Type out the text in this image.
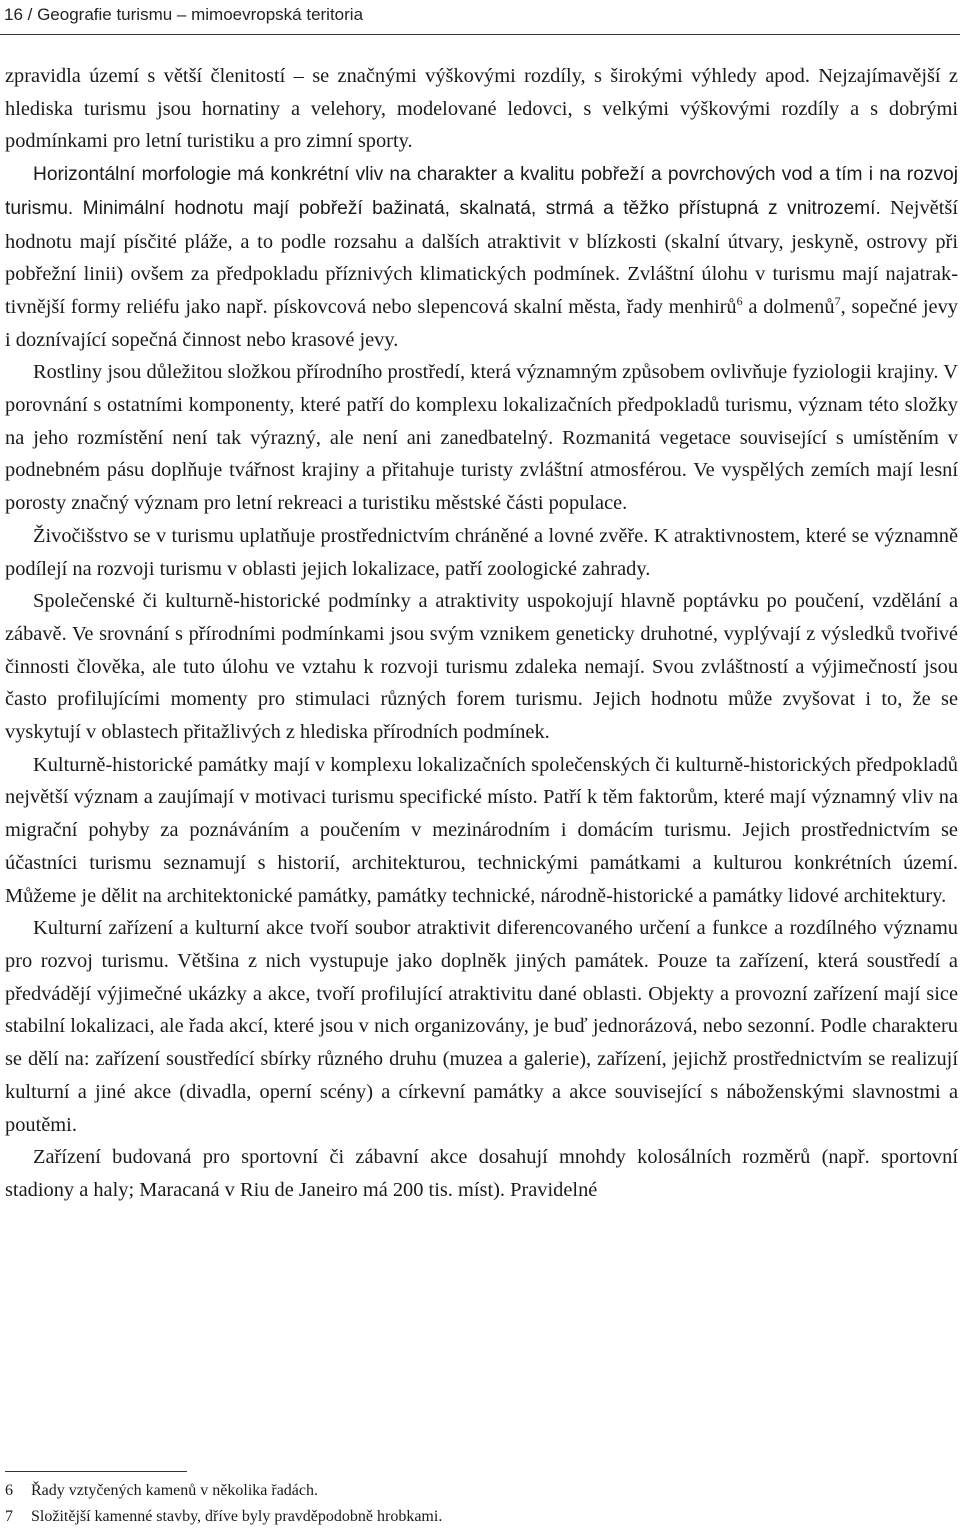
16 / Geografie turismu – mimoevropská teritoria

zpravidla území s větší členitostí – se značnými výškovými rozdíly, s širokými výhledy apod. Nejzajímavější z hlediska turismu jsou hornatiny a velehory, modelované ledovci, s velkými výškovými rozdíly a s dobrými podmínkami pro letní turistiku a pro zimní sporty.

Horizontální morfologie má konkrétní vliv na charakter a kvalitu pobřeží a povrchových vod a tím i na rozvoj turismu. Minimální hodnotu mají pobřeží bažinatá, skalnatá, strmá a těžko přístupná z vnitrozemí. Největší hodnotu mají písčité pláže, a to podle rozsahu a dalších atraktivit v blízkosti (skalní útvary, jeskyně, ostrovy při pobřežní linii) ovšem za předpokladu příznivých klimatických podmínek. Zvláštní úlohu v turismu mají najatraktivnější formy reliéfu jako např. pískovcová nebo slepencová skalní města, řady menhirů$^6$ a dolmenů$^7$, sopečné jevy i doznívající sopečná činnost nebo krasové jevy.

Rostliny jsou důležitou složkou přírodního prostředí, která významným způsobem ovlivňuje fyziologii krajiny. V porovnání s ostatními komponenty, které patří do komplexu lokalizačních předpokladů turismu, význam této složky na jeho rozmístění není tak výrazný, ale není ani zanedbatelný. Rozmanitá vegetace související s umístěním v podnebném pásu doplňuje tvářnost krajiny a přitahuje turisty zvláštní atmosférou. Ve vyspělých zemích mají lesní porosty značný význam pro letní rekreaci a turistiku městské části populace.

Živočišstvo se v turismu uplatňuje prostřednictvím chráněné a lovné zvěře. K atraktivnostem, které se významně podílejí na rozvoji turismu v oblasti jejich lokalizace, patří zoologické zahrady.

Společenské či kulturně-historické podmínky a atraktivity uspokojují hlavně poptávku po poučení, vzdělání a zábavě. Ve srovnání s přírodními podmínkami jsou svým vznikem geneticky druhotné, vyplývají z výsledků tvořivé činnosti člověka, ale tuto úlohu ve vztahu k rozvoji turismu zdaleka nemají. Svou zvláštností a výjimečností jsou často profilujícími momenty pro stimulaci různých forem turismu. Jejich hodnotu může zvyšovat i to, že se vyskytují v oblastech přitažlivých z hlediska přírodních podmínek.

Kulturně-historické památky mají v komplexu lokalizačních společenských či kulturně-historických předpokladů největší význam a zaujímají v motivaci turismu specifické místo. Patří k těm faktorům, které mají významný vliv na migrační pohyby za poznáváním a poučením v mezinárodním i domácím turismu. Jejich prostřednictvím se účastníci turismu seznamují s historií, architekturou, technickými památkami a kulturou konkrétních území. Můžeme je dělit na architektonické památky, památky technické, národně-historické a památky lidové architektury.

Kulturní zařízení a kulturní akce tvoří soubor atraktivit diferencovaného určení a funkce a rozdílného významu pro rozvoj turismu. Většina z nich vystupuje jako doplněk jiných památek. Pouze ta zařízení, která soustředí a předvádějí výjimečné ukázky a akce, tvoří profilující atraktivitu dané oblasti. Objekty a provozní zařízení mají sice stabilní lokalizaci, ale řada akcí, které jsou v nich organizovány, je buď jednorázová, nebo sezonní. Podle charakteru se dělí na: zařízení soustředící sbírky různého druhu (muzea a galerie), zařízení, jejichž prostřednictvím se realizují kulturní a jiné akce (divadla, operní scény) a církevní památky a akce související s náboženskými slavnostmi a poutěmi.

Zařízení budovaná pro sportovní či zábavní akce dosahují mnohdy kolosálních rozměrů (např. sportovní stadiony a haly; Maracaná v Riu de Janeiro má 200 tis. míst). Pravidelné

6	Řady vztyčených kamenů v několika řadách.
7	Složitější kamenné stavby, dříve byly pravděpodobně hrobkami.
